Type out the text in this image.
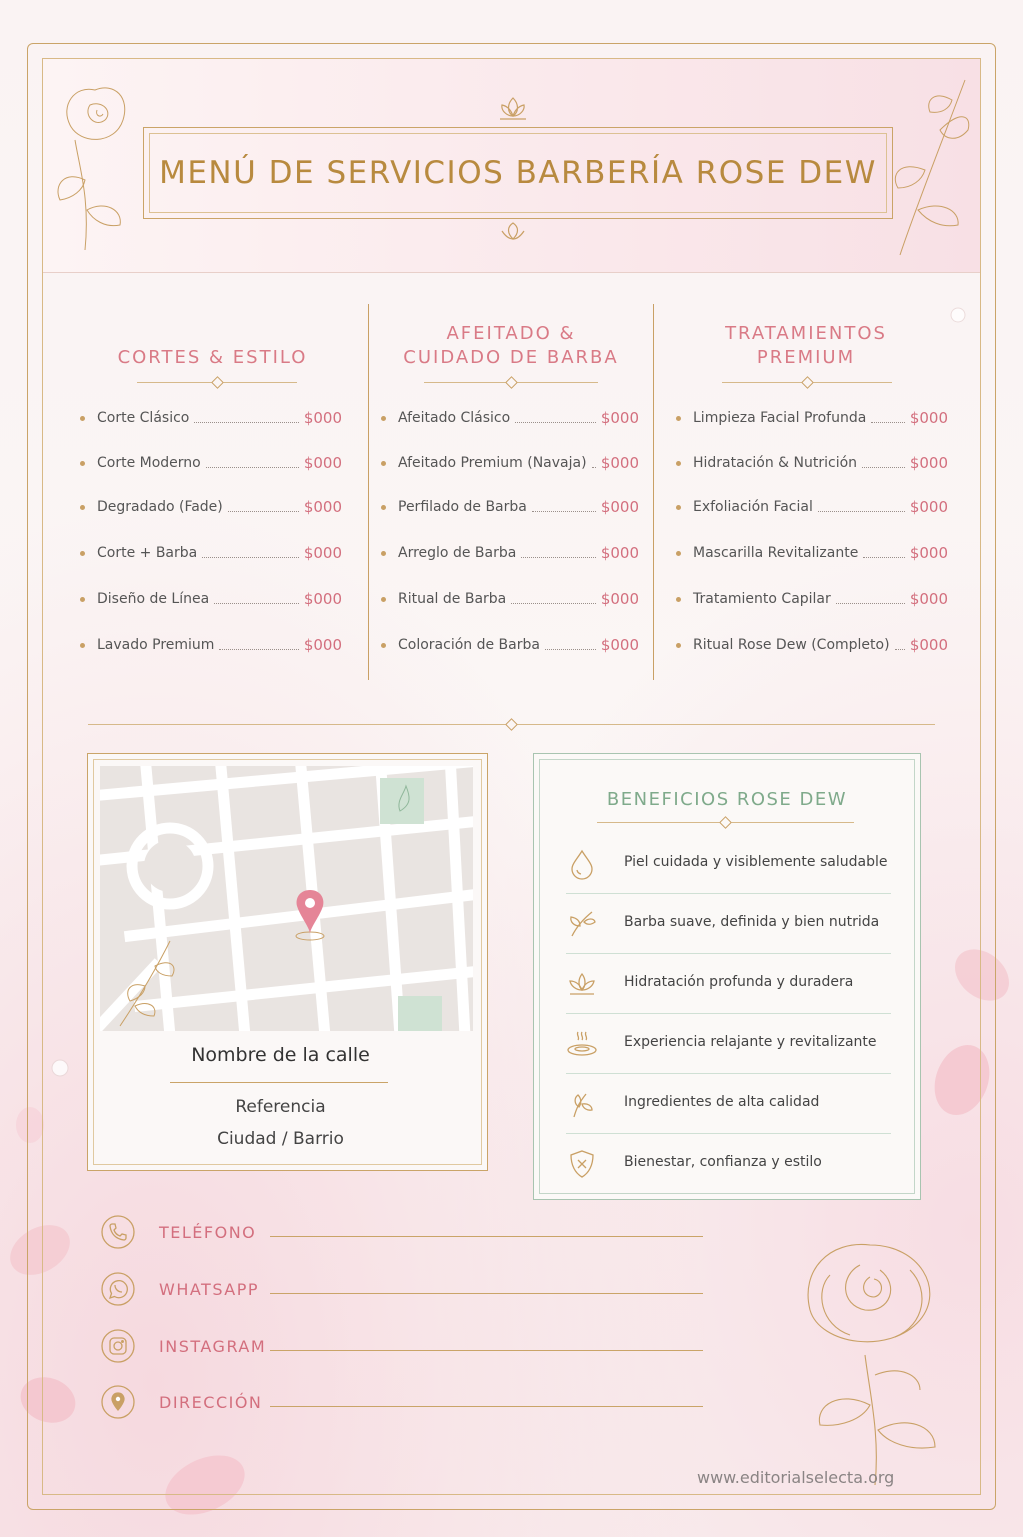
MENÚ DE SERVICIOS BARBERÍA ROSE DEW
CORTES & ESTILO
AFEITADO & CUIDADO DE BARBA
TRATAMIENTOS PREMIUM
Corte Clásico	$000
Corte Moderno	$000
Degradado (Fade)	$000
Corte + Barba	$000
Diseño de Línea	$000
Lavado Premium	$000
Afeitado Clásico	$000
Afeitado Premium (Navaja) $000
Perfilado de Barba	$000
Arreglo de Barba	$000
Ritual de Barba	$000
Coloración de Barba	$000
Limpieza Facial Profunda	$000
Hidratación & Nutrición	$000
Exfoliación Facial	$000
Mascarilla Revitalizante	$000
Tratamiento Capilar	$000
Ritual Rose Dew (Completo) $000
Nombre de la calle
Referencia
Ciudad / Barrio
BENEFICIOS ROSE DEW
Piel cuidada y visiblemente saludable
Barba suave, definida y bien nutrida
Hidratación profunda y duradera
Experiencia relajante y revitalizante
Ingredientes de alta calidad
Bienestar, confianza y estilo
TELÉFONO
WHATSAPP
INSTAGRAM
DIRECCIÓN
www.editorialselecta.org
